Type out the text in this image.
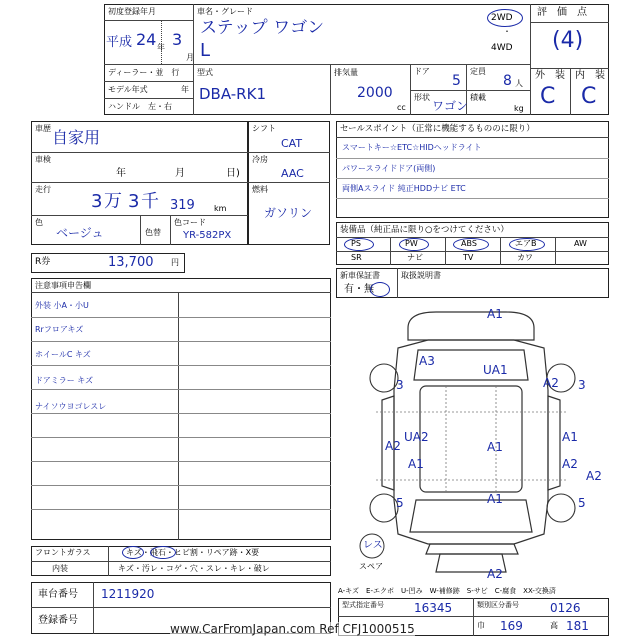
初度登録年月
平成 24 年 3
月
車名・グレード
ステップ ワゴン
L
2WD
・
4WD
評　価　点
(4)
ディーラー・並　行
モデル年式	年
ハンドル　左・右
型式
DBA-RK1
排気量
2000
cc
ドア
5
定員
8 人
形状
ワゴン
積載
kg
外　装 内　装
C C
車歴 自家用
車検
年	月	日)
走行
3 万 3 千 319 km
色
ベージュ	色替
色コード
YR-582PX
シフト
CAT
冷房
AAC
燃料
ガソリン
R券	13,700 円
セールスポイント（正常に機能するもののに限り）
スマートキー☆ETC☆HIDヘッドライト
パワースライドドア(両側)
両側Aスライド 純正HDDナビ ETC
装備品（純正品に限り○をつけてください）
PS	PW	ABS	エアB	AW
SR	ナビ	TV	カワ
新車保証書
有・無
取扱説明書
注意事項申告欄
外装 小A・小U
Rrフロアキズ
ホイールC キズ
ドアミラー キズ
ナイソウヨゴレスレ
フロントガラス	キズ・飛石・ヒビ割・リペア跡・X要
内装	キズ・汚レ・コゲ・穴・スレ・キレ・破レ
車台番号 1211920
登録番号
A-キズ　E-エクボ　U-凹み　W-補修跡　S-サビ　C-腐食　XX-交換済
型式指定番号	16345	類別区分番号	0126
巾 169	高 181
A1
A3
UA1
A2
3	3
UA2
A1
A1
A2
A1	A2
A1
A2
5	5
A2
レス
スペア
www.CarFromJapan.com Ref CFJ1000515
